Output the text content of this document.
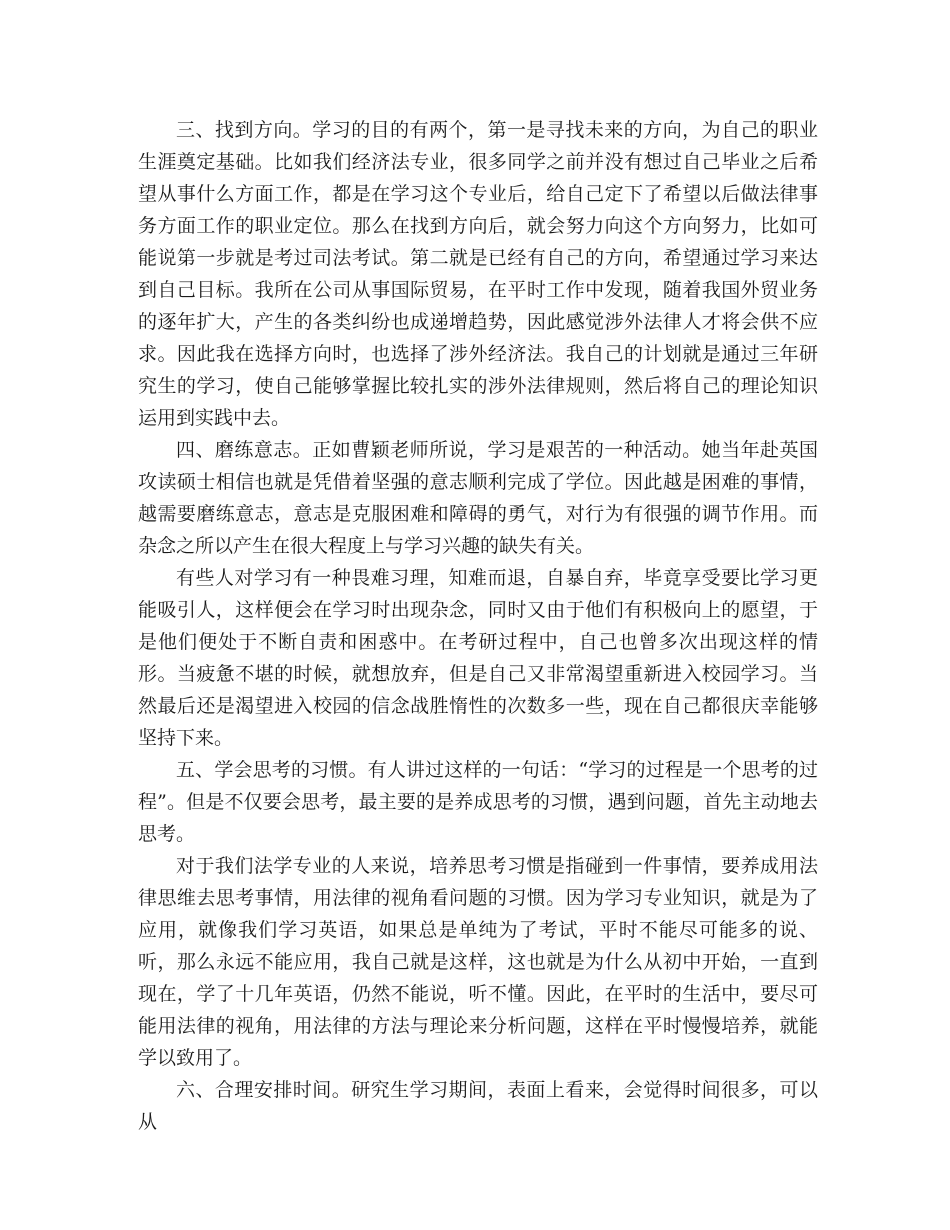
三、找到方向。学习的目的有两个，第一是寻找未来的方向，为自己的职业生涯奠定基础。比如我们经济法专业，很多同学之前并没有想过自己毕业之后希望从事什么方面工作，都是在学习这个专业后，给自己定下了希望以后做法律事务方面工作的职业定位。那么在找到方向后，就会努力向这个方向努力，比如可能说第一步就是考过司法考试。第二就是已经有自己的方向，希望通过学习来达到自己目标。我所在公司从事国际贸易，在平时工作中发现，随着我国外贸业务的逐年扩大，产生的各类纠纷也成递增趋势，因此感觉涉外法律人才将会供不应求。因此我在选择方向时，也选择了涉外经济法。我自己的计划就是通过三年研究生的学习，使自己能够掌握比较扎实的涉外法律规则，然后将自己的理论知识运用到实践中去。

四、磨练意志。正如曹颖老师所说，学习是艰苦的一种活动。她当年赴英国攻读硕士相信也就是凭借着坚强的意志顺利完成了学位。因此越是困难的事情，越需要磨练意志，意志是克服困难和障碍的勇气，对行为有很强的调节作用。而杂念之所以产生在很大程度上与学习兴趣的缺失有关。

有些人对学习有一种畏难习理，知难而退，自暴自弃，毕竟享受要比学习更能吸引人，这样便会在学习时出现杂念，同时又由于他们有积极向上的愿望，于是他们便处于不断自责和困惑中。在考研过程中，自己也曾多次出现这样的情形。当疲惫不堪的时候，就想放弃，但是自己又非常渴望重新进入校园学习。当然最后还是渴望进入校园的信念战胜惰性的次数多一些，现在自己都很庆幸能够坚持下来。

五、学会思考的习惯。有人讲过这样的一句话：“学习的过程是一个思考的过程”。但是不仅要会思考，最主要的是养成思考的习惯，遇到问题，首先主动地去思考。

对于我们法学专业的人来说，培养思考习惯是指碰到一件事情，要养成用法律思维去思考事情，用法律的视角看问题的习惯。因为学习专业知识，就是为了应用，就像我们学习英语，如果总是单纯为了考试，平时不能尽可能多的说、听，那么永远不能应用，我自己就是这样，这也就是为什么从初中开始，一直到现在，学了十几年英语，仍然不能说，听不懂。因此，在平时的生活中，要尽可能用法律的视角，用法律的方法与理论来分析问题，这样在平时慢慢培养，就能学以致用了。

六、合理安排时间。研究生学习期间，表面上看来，会觉得时间很多，可以从
